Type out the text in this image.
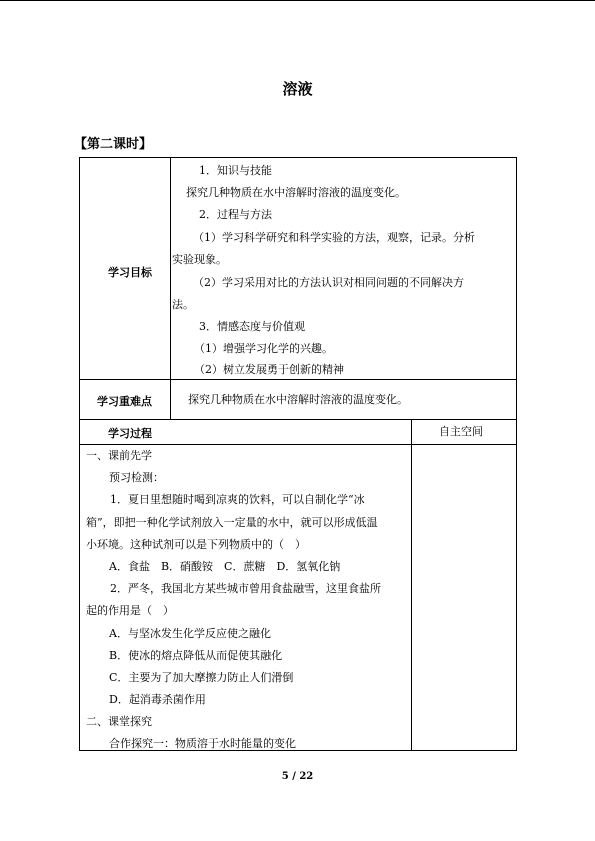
溶液
【第二课时】
学习目标
1．知识与技能
探究几种物质在水中溶解时溶液的温度变化。
2．过程与方法
（1）学习科学研究和科学实验的方法，观察，记录。分析
实验现象。
（2）学习采用对比的方法认识对相同问题的不同解决方
法。
3．情感态度与价值观
（1）增强学习化学的兴趣。
（2）树立发展勇于创新的精神
学习重难点	探究几种物质在水中溶解时溶液的温度变化。
学习过程	自主空间
一、课前先学
预习检测：
1．夏日里想随时喝到凉爽的饮料，可以自制化学“冰
箱”，即把一种化学试剂放入一定量的水中，就可以形成低温
小环境。这种试剂可以是下列物质中的（　）
A．食盐　B．硝酸铵　C．蔗糖　D．氢氧化钠
2．严冬，我国北方某些城市曾用食盐融雪，这里食盐所
起的作用是（　）
A．与坚冰发生化学反应使之融化
B．使冰的熔点降低从而促使其融化
C．主要为了加大摩擦力防止人们滑倒
D．起消毒杀菌作用
二、课堂探究
合作探究一：物质溶于水时能量的变化
5 / 22
